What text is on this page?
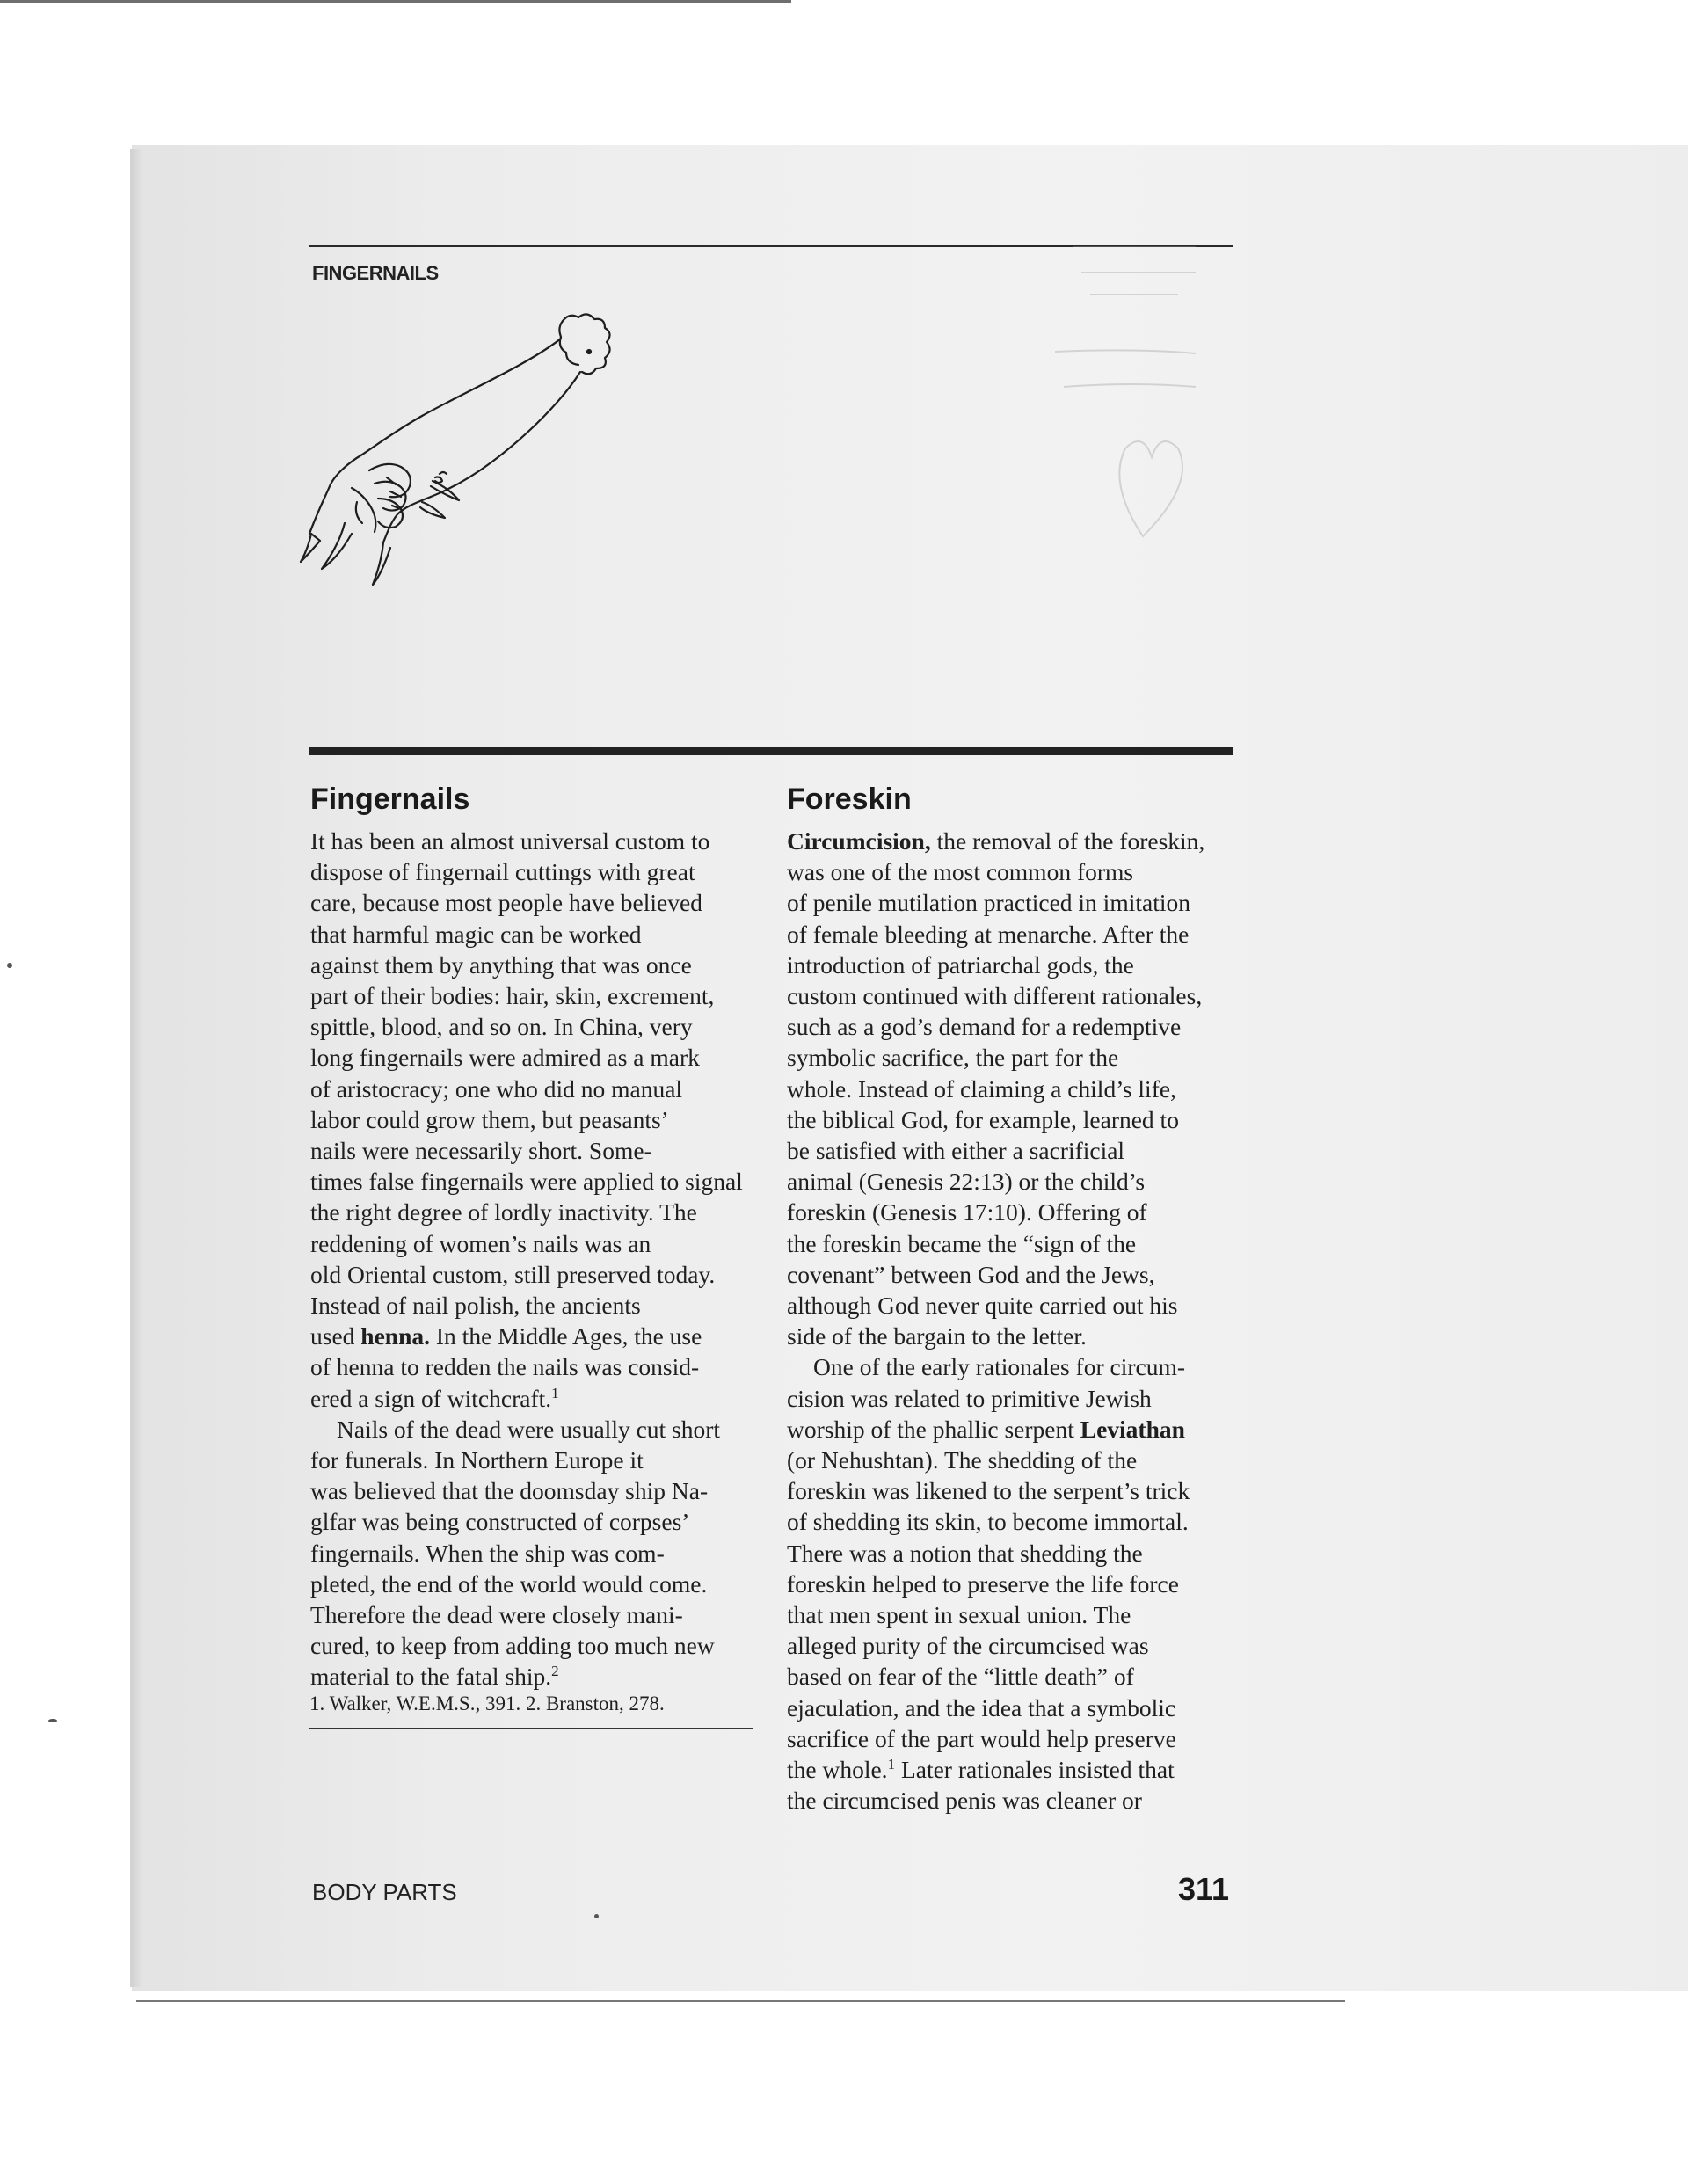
FINGERNAILS
Fingernails
It has been an almost universal custom to
dispose of fingernail cuttings with great
care, because most people have believed
that harmful magic can be worked
against them by anything that was once
part of their bodies: hair, skin, excrement,
spittle, blood, and so on. In China, very
long fingernails were admired as a mark
of aristocracy; one who did no manual
labor could grow them, but peasants’
nails were necessarily short. Some-
times false fingernails were applied to signal
the right degree of lordly inactivity. The
reddening of women’s nails was an
old Oriental custom, still preserved today.
Instead of nail polish, the ancients
used henna. In the Middle Ages, the use
of henna to redden the nails was consid-
ered a sign of witchcraft.$^1$
Nails of the dead were usually cut short
for funerals. In Northern Europe it
was believed that the doomsday ship Na-
glfar was being constructed of corpses’
fingernails. When the ship was com-
pleted, the end of the world would come.
Therefore the dead were closely mani-
cured, to keep from adding too much new
material to the fatal ship.$^2$
1. Walker, W.E.M.S., 391. 2. Branston, 278.
Foreskin
Circumcision, the removal of the foreskin,
was one of the most common forms
of penile mutilation practiced in imitation
of female bleeding at menarche. After the
introduction of patriarchal gods, the
custom continued with different rationales,
such as a god’s demand for a redemptive
symbolic sacrifice, the part for the
whole. Instead of claiming a child’s life,
the biblical God, for example, learned to
be satisfied with either a sacrificial
animal (Genesis 22:13) or the child’s
foreskin (Genesis 17:10). Offering of
the foreskin became the “sign of the
covenant” between God and the Jews,
although God never quite carried out his
side of the bargain to the letter.
One of the early rationales for circum-
cision was related to primitive Jewish
worship of the phallic serpent Leviathan
(or Nehushtan). The shedding of the
foreskin was likened to the serpent’s trick
of shedding its skin, to become immortal.
There was a notion that shedding the
foreskin helped to preserve the life force
that men spent in sexual union. The
alleged purity of the circumcised was
based on fear of the “little death” of
ejaculation, and the idea that a symbolic
sacrifice of the part would help preserve
the whole.$^1$ Later rationales insisted that
the circumcised penis was cleaner or
BODY PARTS	311
